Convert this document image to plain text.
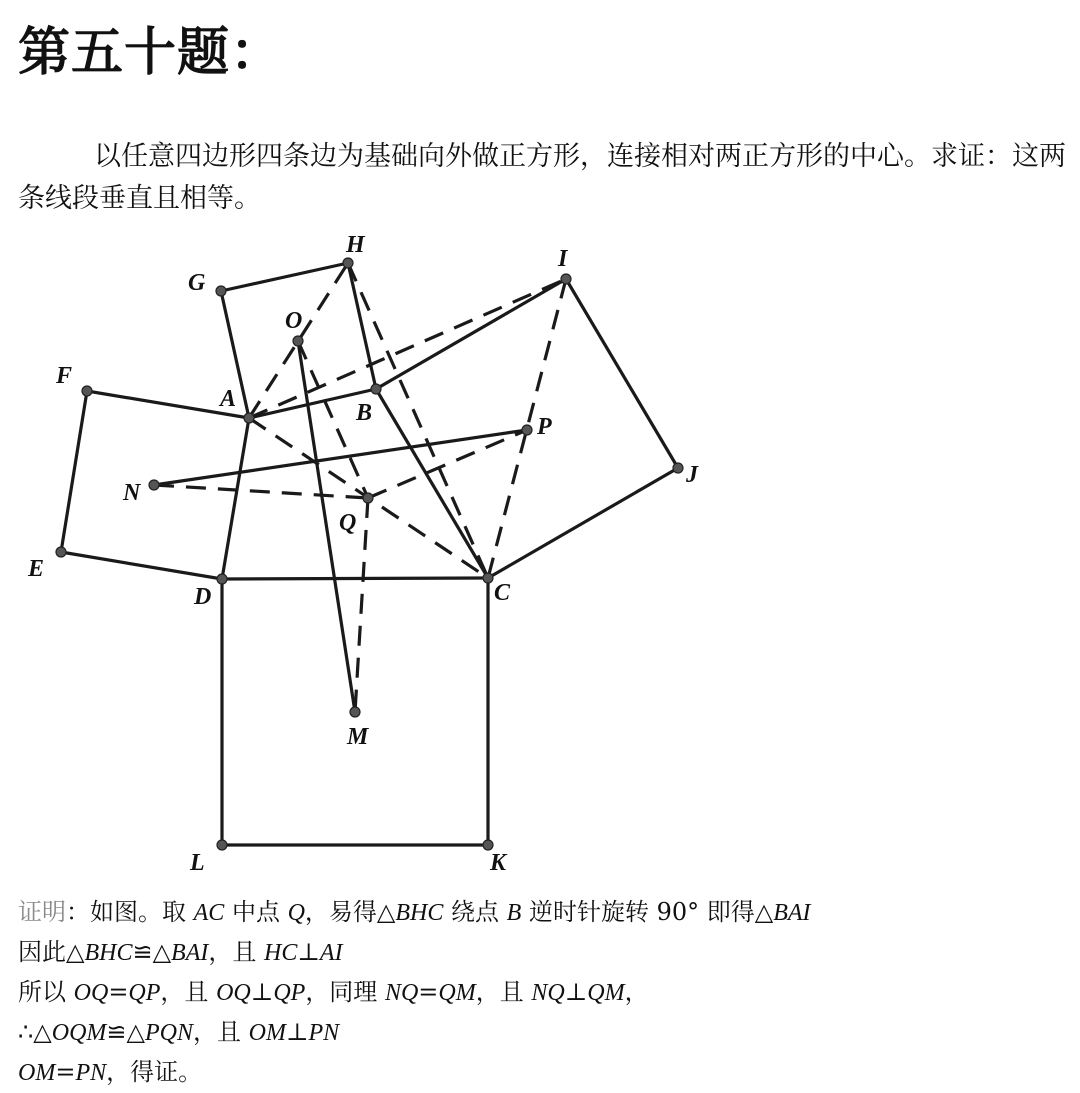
第五十题：
以任意四边形四条边为基础向外做正方形，连接相对两正方形的中心。求证：这两条线段垂直且相等。
A
B
C
D
E
F
G
H
I
J
K
L
M
N
O
P
Q
证明：如图。取 AC 中点 Q，易得△BHC 绕点 B 逆时针旋转 90° 即得△BAI
因此△BHC≌△BAI，且 HC⊥AI
所以 OQ=QP，且 OQ⊥QP，同理 NQ=QM，且 NQ⊥QM，
∴△OQM≌△PQN，且 OM⊥PN
OM=PN，得证。
